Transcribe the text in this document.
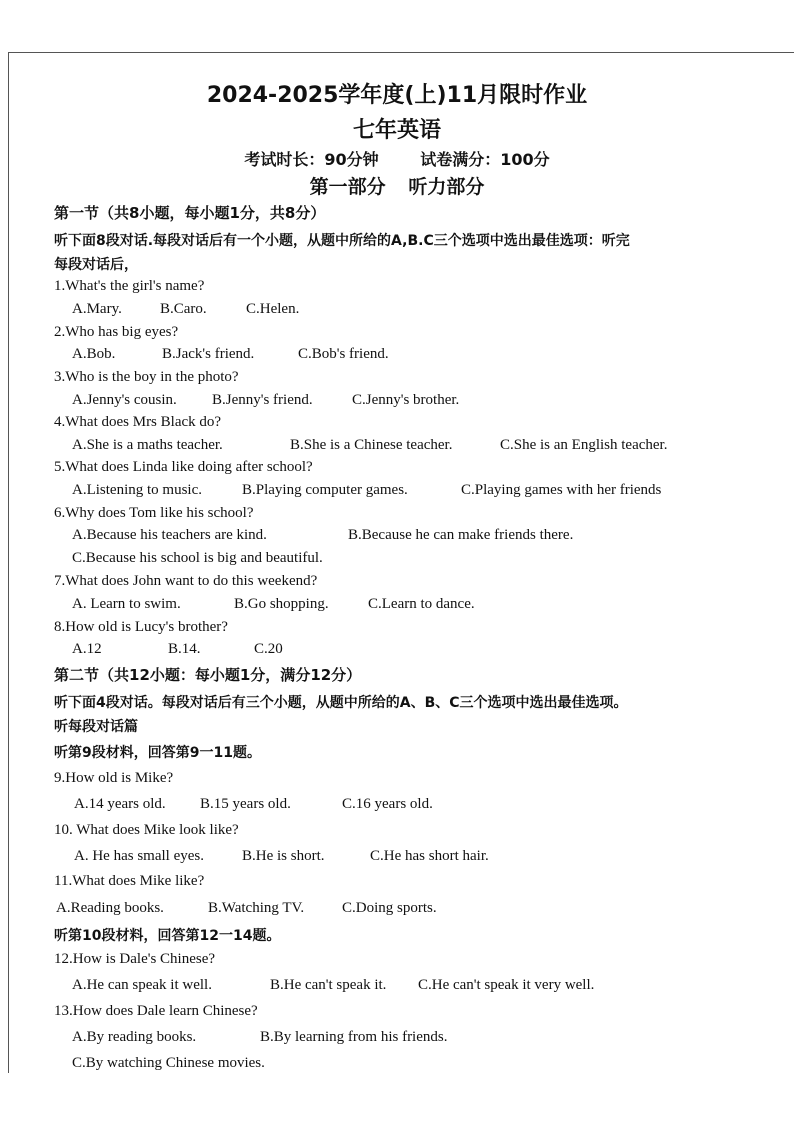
2024-2025学年度(上)11月限时作业
七年英语
考试时长：90分钟	试卷满分：100分
第一部分 听力部分
第一节（共8小题，每小题1分，共8分）
听下面8段对话.每段对话后有一个小题，从题中所给的A,B.C三个选项中选出最佳选项：听完
每段对话后，
1.What's the girl's name?
A.Mary.	B.Caro.	C.Helen.
2.Who has big eyes?
A.Bob.	B.Jack's friend.	C.Bob's friend.
3.Who is the boy in the photo?
A.Jenny's cousin. B.Jenny's friend.	C.Jenny's brother.
4.What does Mrs Black do?
A.She is a maths teacher.	B.She is a Chinese teacher.	C.She is an English teacher.
5.What does Linda like doing after school?
A.Listening to music.	B.Playing computer games.	C.Playing games with her friends
6.Why does Tom like his school?
A.Because his teachers are kind.	B.Because he can make friends there.
C.Because his school is big and beautiful.
7.What does John want to do this weekend?
A. Learn to swim.	B.Go shopping.	C.Learn to dance.
8.How old is Lucy's brother?
A.12	B.14.	C.20
第二节（共12小题：每小题1分，满分12分）
听下面4段对话。每段对话后有三个小题，从题中所给的A、B、C三个选项中选出最佳选项。
听每段对话篇
听第9段材料，回答第9一11题。
9.How old is Mike?
A.14 years old. B.15 years old.	C.16 years old.
10. What does Mike look like?
A. He has small eyes.	B.He is short.	C.He has short hair.
11.What does Mike like?
A.Reading books.	B.Watching TV.	C.Doing sports.
听第10段材料，回答第12一14题。
12.How is Dale's Chinese?
A.He can speak it well.	B.He can't speak it. C.He can't speak it very well.
13.How does Dale learn Chinese?
A.By reading books.	B.By learning from his friends.
C.By watching Chinese movies.
